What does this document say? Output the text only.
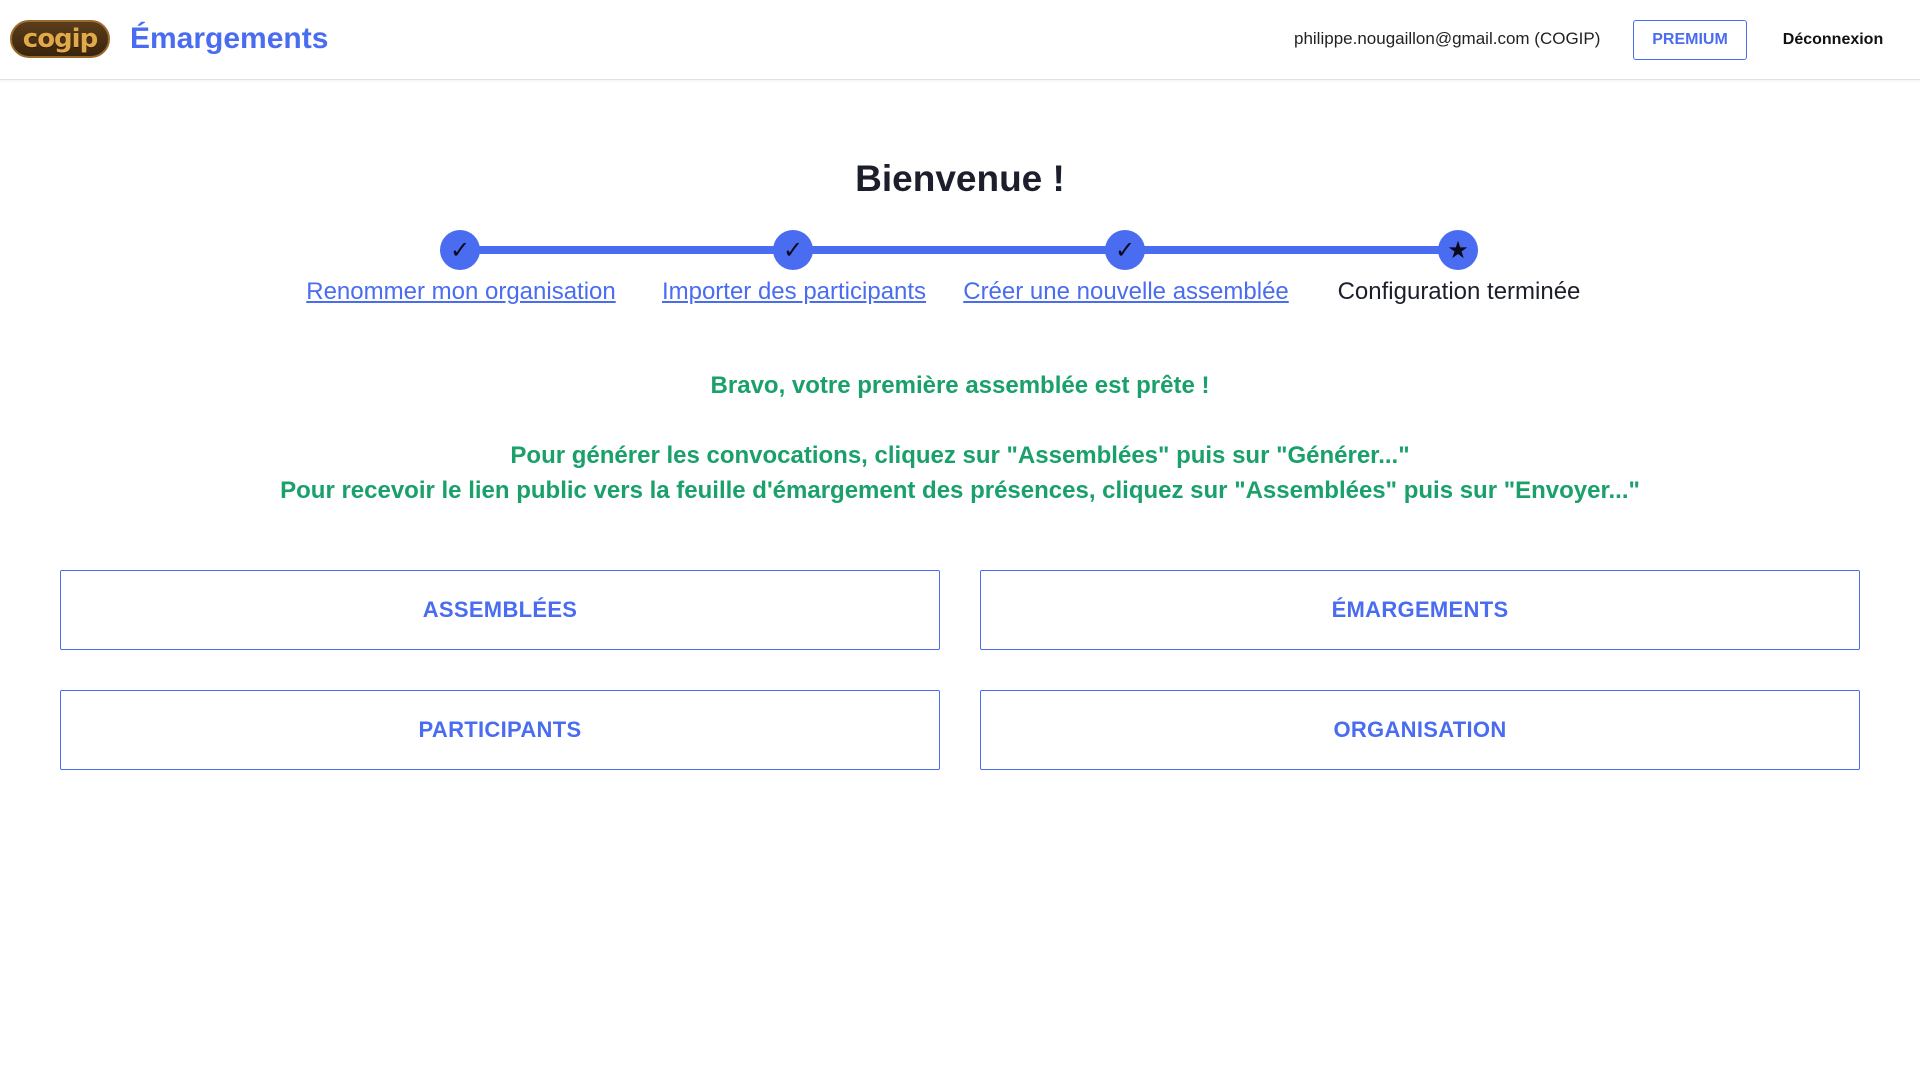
cogip Émargements	philippe.nougaillon@gmail.com (COGIP)	PREMIUM	Déconnexion
Bienvenue !
✓	✓	✓	★
Renommer mon organisation	Importer des participants	Créer une nouvelle assemblée	Configuration terminée

Bravo, votre première assemblée est prête !

Pour générer les convocations, cliquez sur "Assemblées" puis sur "Générer..."

Pour recevoir le lien public vers la feuille d'émargement des présences, cliquez sur "Assemblées" puis sur "Envoyer..."

ASSEMBLÉES	ÉMARGEMENTS
PARTICIPANTS	ORGANISATION
